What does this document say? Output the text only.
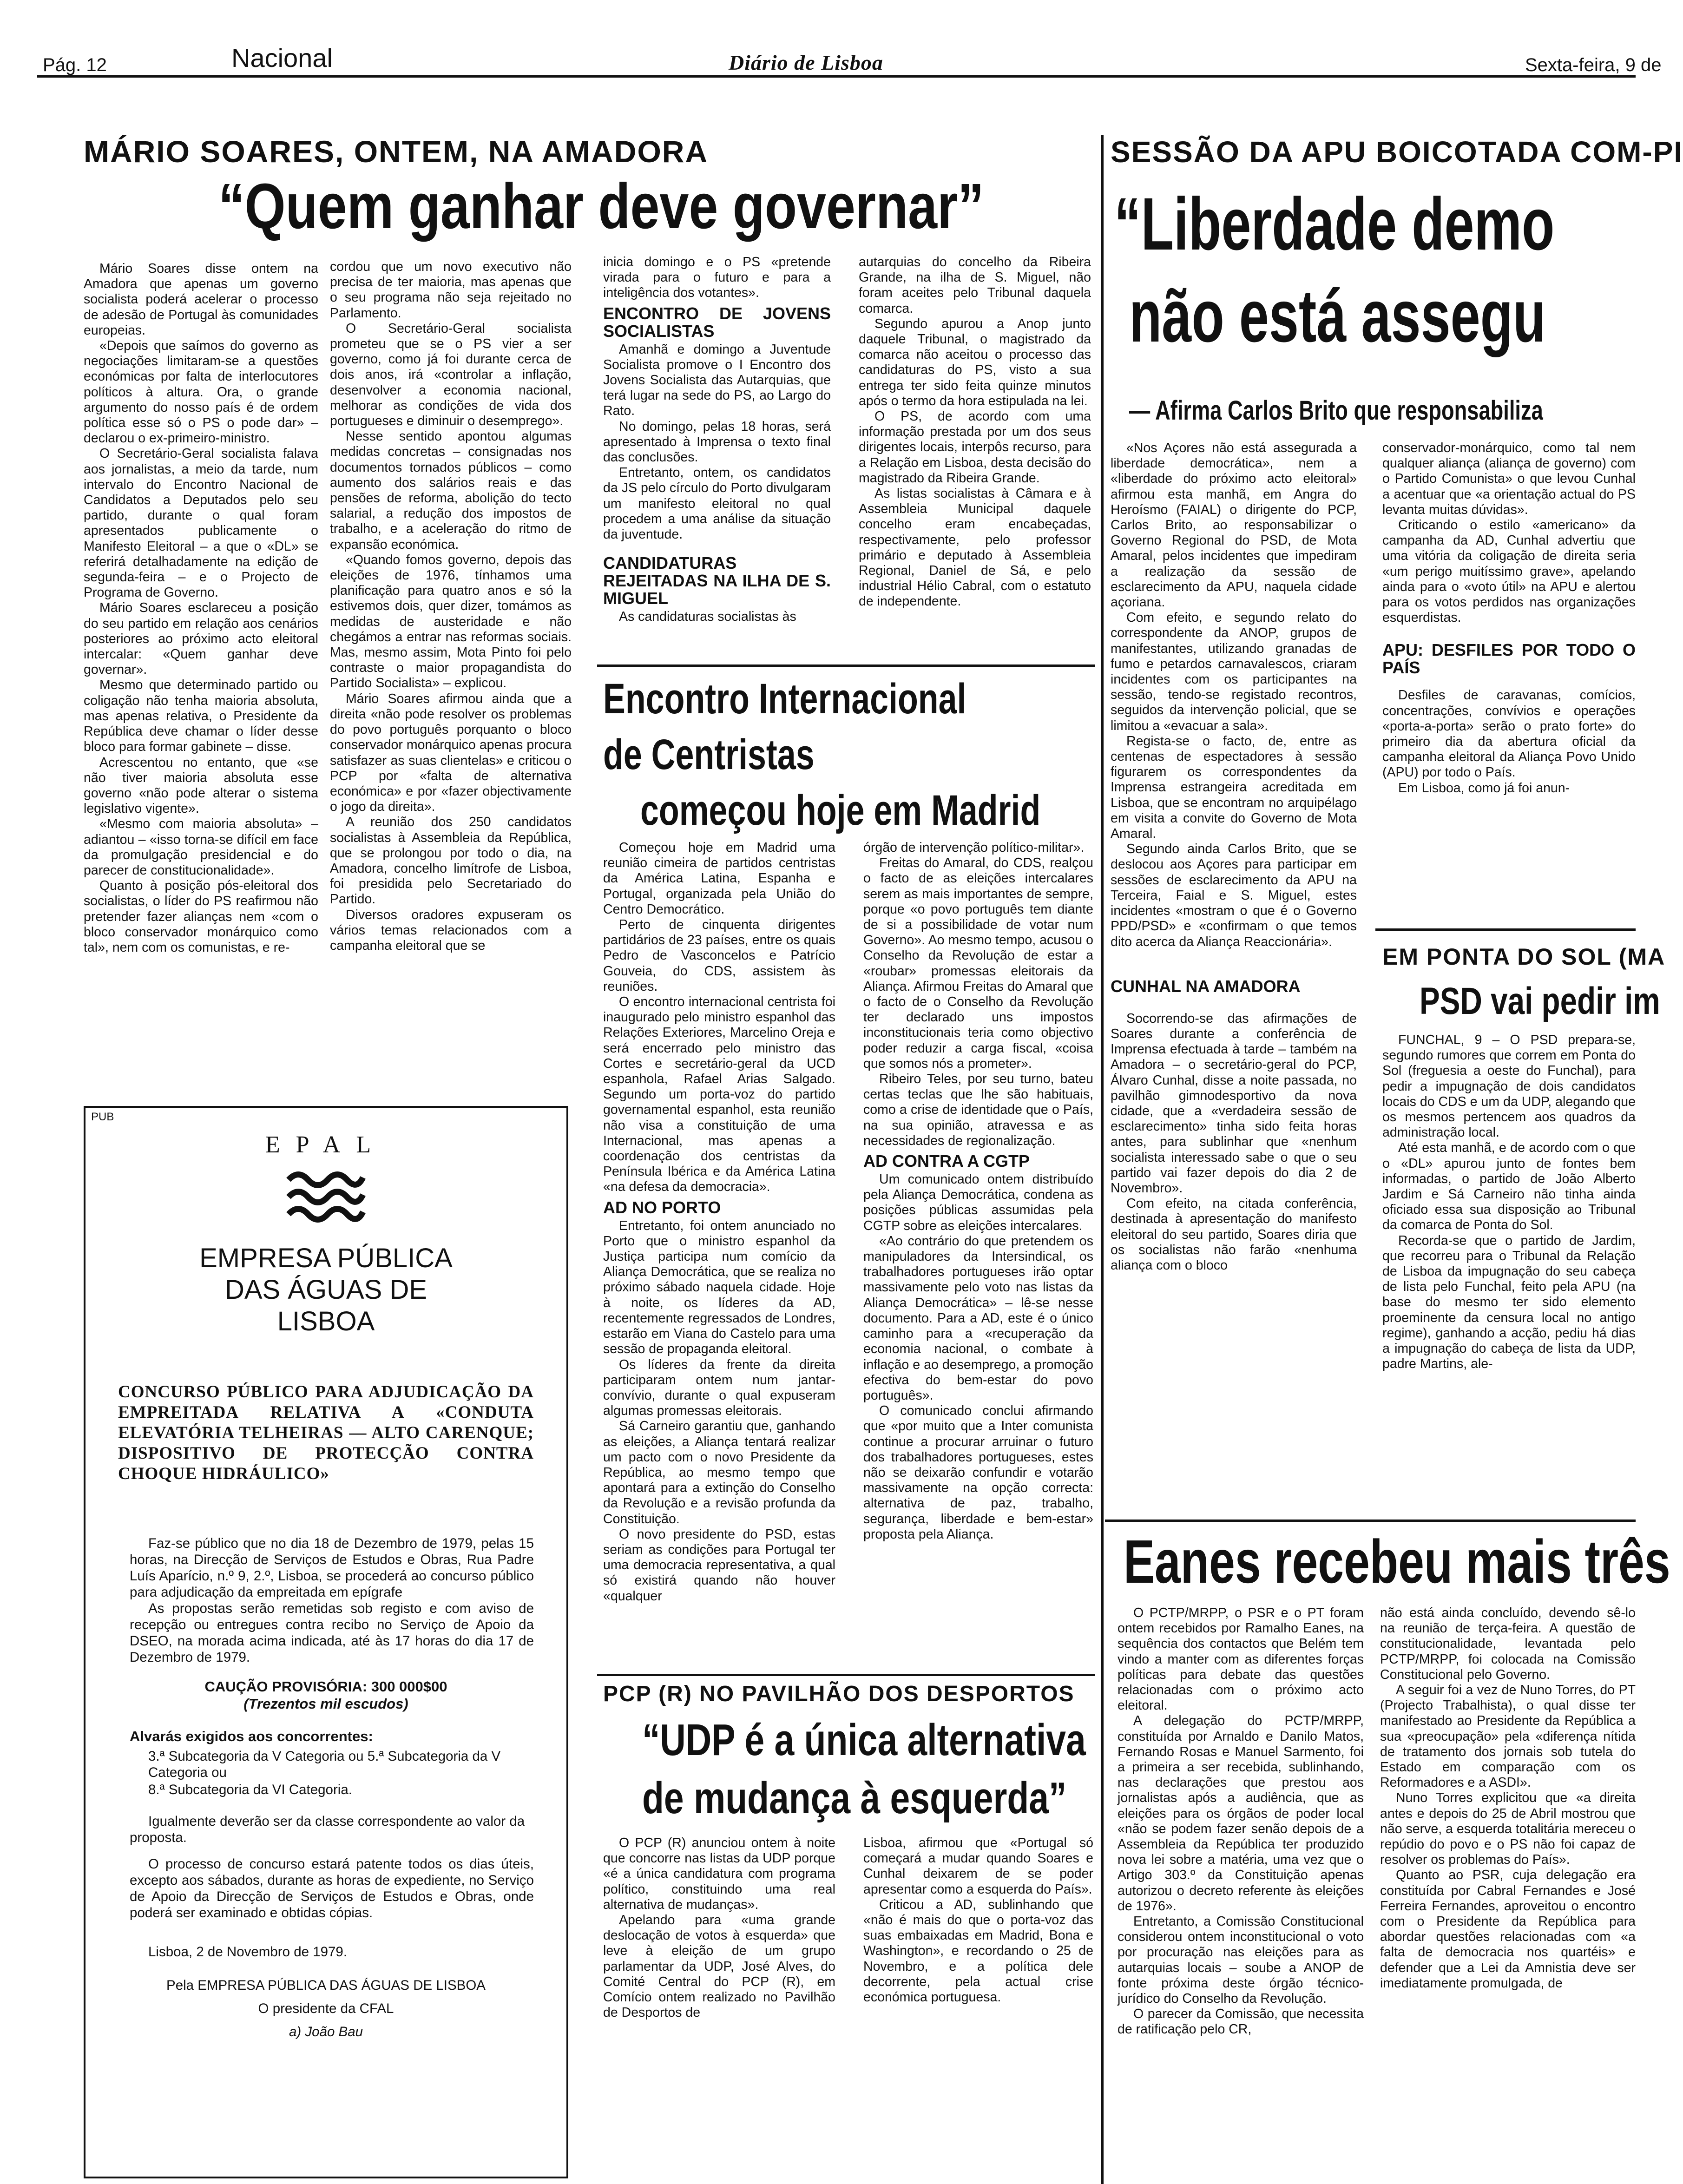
Pág. 12	Nacional	Diário de Lisboa	Sexta-feira, 9 de
MÁRIO SOARES, ONTEM, NA AMADORA
“Quem ganhar deve governar”

Mário Soares disse ontem na Amadora que apenas um governo socialista poderá acelerar o processo de adesão de Portugal às comunidades europeias.

«Depois que saímos do governo as negociações limitaram-se a questões económicas por falta de interlocutores políticos à altura. Ora, o grande argumento do nosso país é de ordem política esse só o PS o pode dar» – declarou o ex-primeiro-ministro.

O Secretário-Geral socialista falava aos jornalistas, a meio da tarde, num intervalo do Encontro Nacional de Candidatos a Deputados pelo seu partido, durante o qual foram apresentados publicamente o Manifesto Eleitoral – a que o «DL» se referirá detalhadamente na edição de segunda-feira – e o Projecto de Programa de Governo.

Mário Soares esclareceu a posição do seu partido em relação aos cenários posteriores ao próximo acto eleitoral intercalar: «Quem ganhar deve governar».

Mesmo que determinado partido ou coligação não tenha maioria absoluta, mas apenas relativa, o Presidente da República deve chamar o líder desse bloco para formar gabinete – disse.

Acrescentou no entanto, que «se não tiver maioria absoluta esse governo «não pode alterar o sistema legislativo vigente».

«Mesmo com maioria absoluta» – adiantou – «isso torna-se difícil em face da promulgação presidencial e do parecer de constitucionalidade».

Quanto à posição pós-eleitoral dos socialistas, o líder do PS reafirmou não pretender fazer alianças nem «com o bloco conservador monárquico como tal», nem com os comunistas, e re-

cordou que um novo executivo não precisa de ter maioria, mas apenas que o seu programa não seja rejeitado no Parlamento.

O Secretário-Geral socialista prometeu que se o PS vier a ser governo, como já foi durante cerca de dois anos, irá «controlar a inflação, desenvolver a economia nacional, melhorar as condições de vida dos portugueses e diminuir o desemprego».

Nesse sentido apontou algumas medidas concretas – consignadas nos documentos tornados públicos – como aumento dos salários reais e das pensões de reforma, abolição do tecto salarial, a redução dos impostos de trabalho, e a aceleração do ritmo de expansão económica.

«Quando fomos governo, depois das eleições de 1976, tínhamos uma planificação para quatro anos e só la estivemos dois, quer dizer, tomámos as medidas de austeridade e não chegámos a entrar nas reformas sociais. Mas, mesmo assim, Mota Pinto foi pelo contraste o maior propagandista do Partido Socialista» – explicou.

Mário Soares afirmou ainda que a direita «não pode resolver os problemas do povo português porquanto o bloco conservador monárquico apenas procura satisfazer as suas clientelas» e criticou o PCP por «falta de alternativa económica» e por «fazer objectivamente o jogo da direita».

A reunião dos 250 candidatos socialistas à Assembleia da República, que se prolongou por todo o dia, na Amadora, concelho limítrofe de Lisboa, foi presidida pelo Secretariado do Partido.

Diversos oradores expuseram os vários temas relacionados com a campanha eleitoral que se

inicia domingo e o PS «pretende virada para o futuro e para a inteligência dos votantes».

ENCONTRO DE JOVENS SOCIALISTAS

Amanhã e domingo a Juventude Socialista promove o I Encontro dos Jovens Socialista das Autarquias, que terá lugar na sede do PS, ao Largo do Rato.

No domingo, pelas 18 horas, será apresentado à Imprensa o texto final das conclusões.

Entretanto, ontem, os candidatos da JS pelo círculo do Porto divulgaram um manifesto eleitoral no qual procedem a uma análise da situação da juventude.

CANDIDATURAS REJEITADAS NA ILHA DE S. MIGUEL

As candidaturas socialistas às

autarquias do concelho da Ribeira Grande, na ilha de S. Miguel, não foram aceites pelo Tribunal daquela comarca.

Segundo apurou a Anop junto daquele Tribunal, o magistrado da comarca não aceitou o processo das candidaturas do PS, visto a sua entrega ter sido feita quinze minutos após o termo da hora estipulada na lei.

O PS, de acordo com uma informação prestada por um dos seus dirigentes locais, interpôs recurso, para a Relação em Lisboa, desta decisão do magistrado da Ribeira Grande.

As listas socialistas à Câmara e à Assembleia Municipal daquele concelho eram encabeçadas, respectivamente, pelo professor primário e deputado à Assembleia Regional, Daniel de Sá, e pelo industrial Hélio Cabral, com o estatuto de independente.

PUB
EPAL
EMPRESA PÚBLICA DAS ÁGUAS DE LISBOA
CONCURSO PÚBLICO PARA ADJUDICAÇÃO DA EMPREITADA RELATIVA A «CONDUTA ELEVATÓRIA TELHEIRAS — ALTO CARENQUE; DISPOSITIVO DE PROTECÇÃO CONTRA CHOQUE HIDRÁULICO»

Faz-se público que no dia 18 de Dezembro de 1979, pelas 15 horas, na Direcção de Serviços de Estudos e Obras, Rua Padre Luís Aparício, n.º 9, 2.º, Lisboa, se procederá ao concurso público para adjudicação da empreitada em epígrafe

As propostas serão remetidas sob registo e com aviso de recepção ou entregues contra recibo no Serviço de Apoio da DSEO, na morada acima indicada, até às 17 horas do dia 17 de Dezembro de 1979.

CAUÇÃO PROVISÓRIA: 300 000$00
(Trezentos mil escudos)
Alvarás exigidos aos concorrentes:
3.ª Subcategoria da V Categoria ou 5.ª Subcategoria da V Categoria ou
8.ª Subcategoria da VI Categoria.
Igualmente deverão ser da classe correspondente ao valor da proposta.
O processo de concurso estará patente todos os dias úteis, excepto aos sábados, durante as horas de expediente, no Serviço de Apoio da Direcção de Serviços de Estudos e Obras, onde poderá ser examinado e obtidas cópias.
Lisboa, 2 de Novembro de 1979.
Pela EMPRESA PÚBLICA DAS ÁGUAS DE LISBOA
O presidente da CFAL
a) João Bau
Encontro Internacional
de Centristas
começou hoje em Madrid

Começou hoje em Madrid uma reunião cimeira de partidos centristas da América Latina, Espanha e Portugal, organizada pela União do Centro Democrático.

Perto de cinquenta dirigentes partidários de 23 países, entre os quais Pedro de Vasconcelos e Patrício Gouveia, do CDS, assistem às reuniões.

O encontro internacional centrista foi inaugurado pelo ministro espanhol das Relações Exteriores, Marcelino Oreja e será encerrado pelo ministro das Cortes e secretário-geral da UCD espanhola, Rafael Arias Salgado. Segundo um porta-voz do partido governamental espanhol, esta reunião não visa a constituição de uma Internacional, mas apenas a coordenação dos centristas da Península Ibérica e da América Latina «na defesa da democracia».

AD NO PORTO

Entretanto, foi ontem anunciado no Porto que o ministro espanhol da Justiça participa num comício da Aliança Democrática, que se realiza no próximo sábado naquela cidade. Hoje à noite, os líderes da AD, recentemente regressados de Londres, estarão em Viana do Castelo para uma sessão de propaganda eleitoral.

Os líderes da frente da direita participaram ontem num jantar-convívio, durante o qual expuseram algumas promessas eleitorais.

Sá Carneiro garantiu que, ganhando as eleições, a Aliança tentará realizar um pacto com o novo Presidente da República, ao mesmo tempo que apontará para a extinção do Conselho da Revolução e a revisão profunda da Constituição.

O novo presidente do PSD, estas seriam as condições para Portugal ter uma democracia representativa, a qual só existirá quando não houver «qualquer

órgão de intervenção político-militar».

Freitas do Amaral, do CDS, realçou o facto de as eleições intercalares serem as mais importantes de sempre, porque «o povo português tem diante de si a possibilidade de votar num Governo». Ao mesmo tempo, acusou o Conselho da Revolução de estar a «roubar» promessas eleitorais da Aliança. Afirmou Freitas do Amaral que o facto de o Conselho da Revolução ter declarado uns impostos inconstitucionais teria como objectivo poder reduzir a carga fiscal, «coisa que somos nós a prometer».

Ribeiro Teles, por seu turno, bateu certas teclas que lhe são habituais, como a crise de identidade que o País, na sua opinião, atravessa e as necessidades de regionalização.

AD CONTRA A CGTP

Um comunicado ontem distribuído pela Aliança Democrática, condena as posições públicas assumidas pela CGTP sobre as eleições intercalares.

«Ao contrário do que pretendem os manipuladores da Intersindical, os trabalhadores portugueses irão optar massivamente pelo voto nas listas da Aliança Democrática» – lê-se nesse documento. Para a AD, este é o único caminho para a «recuperação da economia nacional, o combate à inflação e ao desemprego, a promoção efectiva do bem-estar do povo português».

O comunicado conclui afirmando que «por muito que a Inter comunista continue a procurar arruinar o futuro dos trabalhadores portugueses, estes não se deixarão confundir e votarão massivamente na opção correcta: alternativa de paz, trabalho, segurança, liberdade e bem-estar» proposta pela Aliança.

PCP (R) NO PAVILHÃO DOS DESPORTOS
“UDP é a única alternativa
de mudança à esquerda”

O PCP (R) anunciou ontem à noite que concorre nas listas da UDP porque «é a única candidatura com programa político, constituindo uma real alternativa de mudanças».

Apelando para «uma grande deslocação de votos à esquerda» que leve à eleição de um grupo parlamentar da UDP, José Alves, do Comité Central do PCP (R), em Comício ontem realizado no Pavilhão de Desportos de

Lisboa, afirmou que «Portugal só começará a mudar quando Soares e Cunhal deixarem de se poder apresentar como a esquerda do País».

Criticou a AD, sublinhando que «não é mais do que o porta-voz das suas embaixadas em Madrid, Bona e Washington», e recordando o 25 de Novembro, e a política dele decorrente, pela actual crise económica portuguesa.

SESSÃO DA APU BOICOTADA COM-PI
“Liberdade demo
não está assegu
— Afirma Carlos Brito que responsabiliza

«Nos Açores não está assegurada a liberdade democrática», nem a «liberdade do próximo acto eleitoral» afirmou esta manhã, em Angra do Heroísmo (FAIAL) o dirigente do PCP, Carlos Brito, ao responsabilizar o Governo Regional do PSD, de Mota Amaral, pelos incidentes que impediram a realização da sessão de esclarecimento da APU, naquela cidade açoriana.

Com efeito, e segundo relato do correspondente da ANOP, grupos de manifestantes, utilizando granadas de fumo e petardos carnavalescos, criaram incidentes com os participantes na sessão, tendo-se registado recontros, seguidos da intervenção policial, que se limitou a «evacuar a sala».

Regista-se o facto, de, entre as centenas de espectadores à sessão figurarem os correspondentes da Imprensa estrangeira acreditada em Lisboa, que se encontram no arquipélago em visita a convite do Governo de Mota Amaral.

Segundo ainda Carlos Brito, que se deslocou aos Açores para participar em sessões de esclarecimento da APU na Terceira, Faial e S. Miguel, estes incidentes «mostram o que é o Governo PPD/PSD» e «confirmam o que temos dito acerca da Aliança Reaccionária».

CUNHAL NA AMADORA

Socorrendo-se das afirmações de Soares durante a conferência de Imprensa efectuada à tarde – também na Amadora – o secretário-geral do PCP, Álvaro Cunhal, disse a noite passada, no pavilhão gimnodesportivo da nova cidade, que a «verdadeira sessão de esclarecimento» tinha sido feita horas antes, para sublinhar que «nenhum socialista interessado sabe o que o seu partido vai fazer depois do dia 2 de Novembro».

Com efeito, na citada conferência, destinada à apresentação do manifesto eleitoral do seu partido, Soares diria que os socialistas não farão «nenhuma aliança com o bloco

conservador-monárquico, como tal nem qualquer aliança (aliança de governo) com o Partido Comunista» o que levou Cunhal a acentuar que «a orientação actual do PS levanta muitas dúvidas».

Criticando o estilo «americano» da campanha da AD, Cunhal advertiu que uma vitória da coligação de direita seria «um perigo muitíssimo grave», apelando ainda para o «voto útil» na APU e alertou para os votos perdidos nas organizações esquerdistas.

APU: DESFILES POR TODO O PAÍS

Desfiles de caravanas, comícios, concentrações, convívios e operações «porta-a-porta» serão o prato forte» do primeiro dia da abertura oficial da campanha eleitoral da Aliança Povo Unido (APU) por todo o País.

Em Lisboa, como já foi anun-

EM PONTA DO SOL (MA
PSD vai pedir im

FUNCHAL, 9 – O PSD prepara-se, segundo rumores que correm em Ponta do Sol (freguesia a oeste do Funchal), para pedir a impugnação de dois candidatos locais do CDS e um da UDP, alegando que os mesmos pertencem aos quadros da administração local.

Até esta manhã, e de acordo com o que o «DL» apurou junto de fontes bem informadas, o partido de João Alberto Jardim e Sá Carneiro não tinha ainda oficiado essa sua disposição ao Tribunal da comarca de Ponta do Sol.

Recorda-se que o partido de Jardim, que recorreu para o Tribunal da Relação de Lisboa da impugnação do seu cabeça de lista pelo Funchal, feito pela APU (na base do mesmo ter sido elemento proeminente da censura local no antigo regime), ganhando a acção, pediu há dias a impugnação do cabeça de lista da UDP, padre Martins, ale-

Eanes recebeu mais três

O PCTP/MRPP, o PSR e o PT foram ontem recebidos por Ramalho Eanes, na sequência dos contactos que Belém tem vindo a manter com as diferentes forças políticas para debate das questões relacionadas com o próximo acto eleitoral.

A delegação do PCTP/MRPP, constituída por Arnaldo e Danilo Matos, Fernando Rosas e Manuel Sarmento, foi a primeira a ser recebida, sublinhando, nas declarações que prestou aos jornalistas após a audiência, que as eleições para os órgãos de poder local «não se podem fazer senão depois de a Assembleia da República ter produzido nova lei sobre a matéria, uma vez que o Artigo 303.º da Constituição apenas autorizou o decreto referente às eleições de 1976».

Entretanto, a Comissão Constitucional considerou ontem inconstitucional o voto por procuração nas eleições para as autarquias locais – soube a ANOP de fonte próxima deste órgão técnico-jurídico do Conselho da Revolução.

O parecer da Comissão, que necessita de ratificação pelo CR,

não está ainda concluído, devendo sê-lo na reunião de terça-feira. A questão de constitucionalidade, levantada pelo PCTP/MRPP, foi colocada na Comissão Constitucional pelo Governo.

A seguir foi a vez de Nuno Torres, do PT (Projecto Trabalhista), o qual disse ter manifestado ao Presidente da República a sua «preocupação» pela «diferença nítida de tratamento dos jornais sob tutela do Estado em comparação com os Reformadores e a ASDI».

Nuno Torres explicitou que «a direita antes e depois do 25 de Abril mostrou que não serve, a esquerda totalitária mereceu o repúdio do povo e o PS não foi capaz de resolver os problemas do País».

Quanto ao PSR, cuja delegação era constituída por Cabral Fernandes e José Ferreira Fernandes, aproveitou o encontro com o Presidente da República para abordar questões relacionadas com «a falta de democracia nos quartéis» e defender que a Lei da Amnistia deve ser imediatamente promulgada, de
